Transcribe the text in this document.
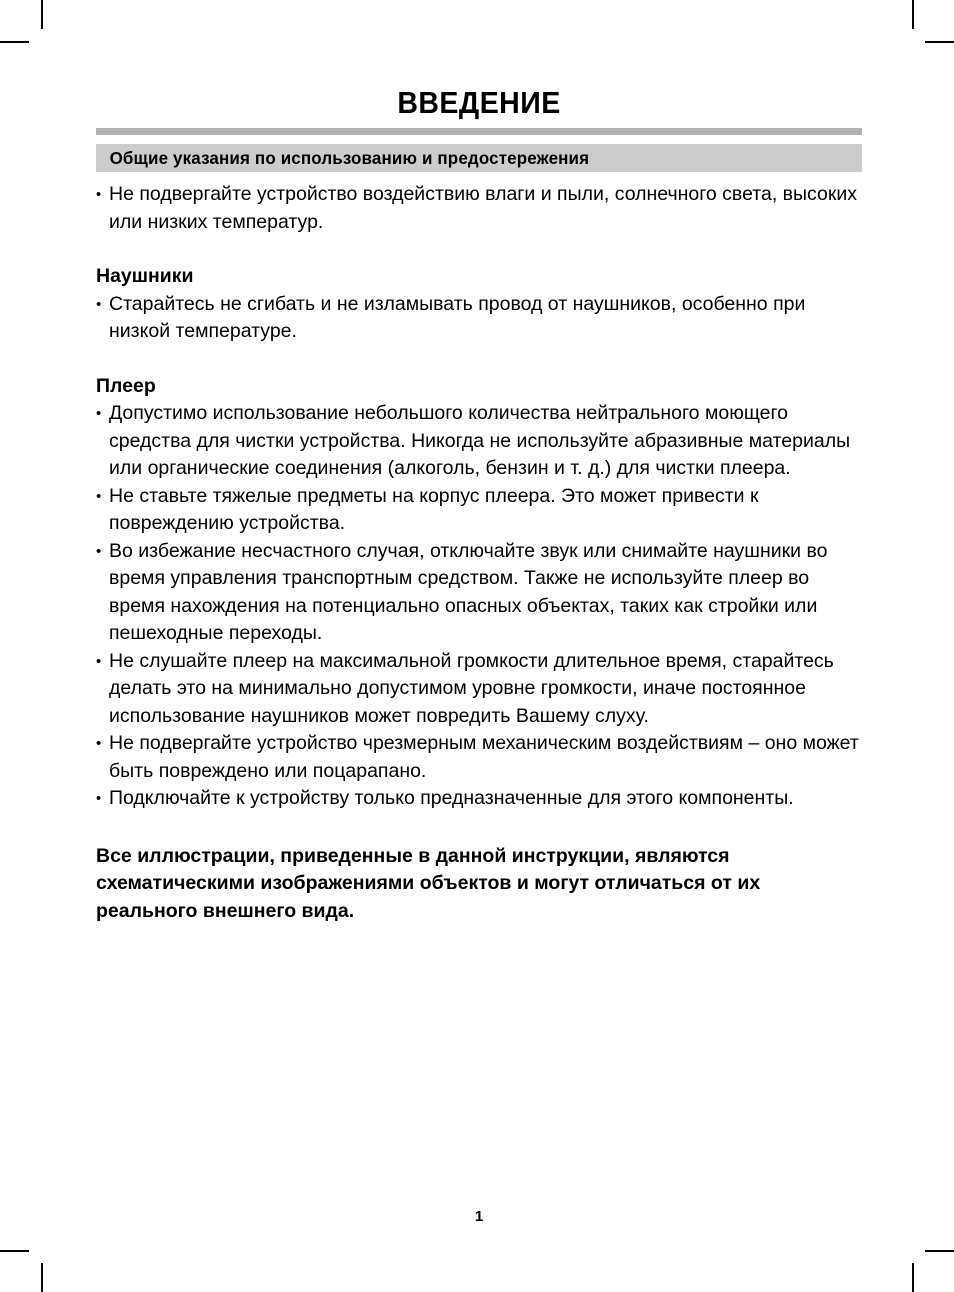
ВВЕДЕНИЕ
Общие указания по использованию и предостережения
• Не подвергайте устройство воздействию влаги и пыли, солнечного света, высоких или низких температур.

Наушники

• Старайтесь не сгибать и не изламывать провод от наушников, особенно при низкой температуре.

Плеер

• Допустимо использование небольшого количества нейтрального моющего средства для чистки устройства. Никогда не используйте абразивные материалы или органические соединения (алкоголь, бензин и т. д.) для чистки плеера.
• Не ставьте тяжелые предметы на корпус плеера. Это может привести к повреждению устройства.
• Во избежание несчастного случая, отключайте звук или снимайте наушники во время управления транспортным средством. Также не используйте плеер во время нахождения на потенциально опасных объектах, таких как стройки или пешеходные переходы.
• Не слушайте плеер на максимальной громкости длительное время, старайтесь делать это на минимально допустимом уровне громкости, иначе постоянное использование наушников может повредить Вашему слуху.
• Не подвергайте устройство чрезмерным механическим воздействиям – оно может быть повреждено или поцарапано.
• Подключайте к устройству только предназначенные для этого компоненты.

Все иллюстрации, приведенные в данной инструкции, являются схематическими изображениями объектов и могут отличаться от их реального внешнего вида.

1
